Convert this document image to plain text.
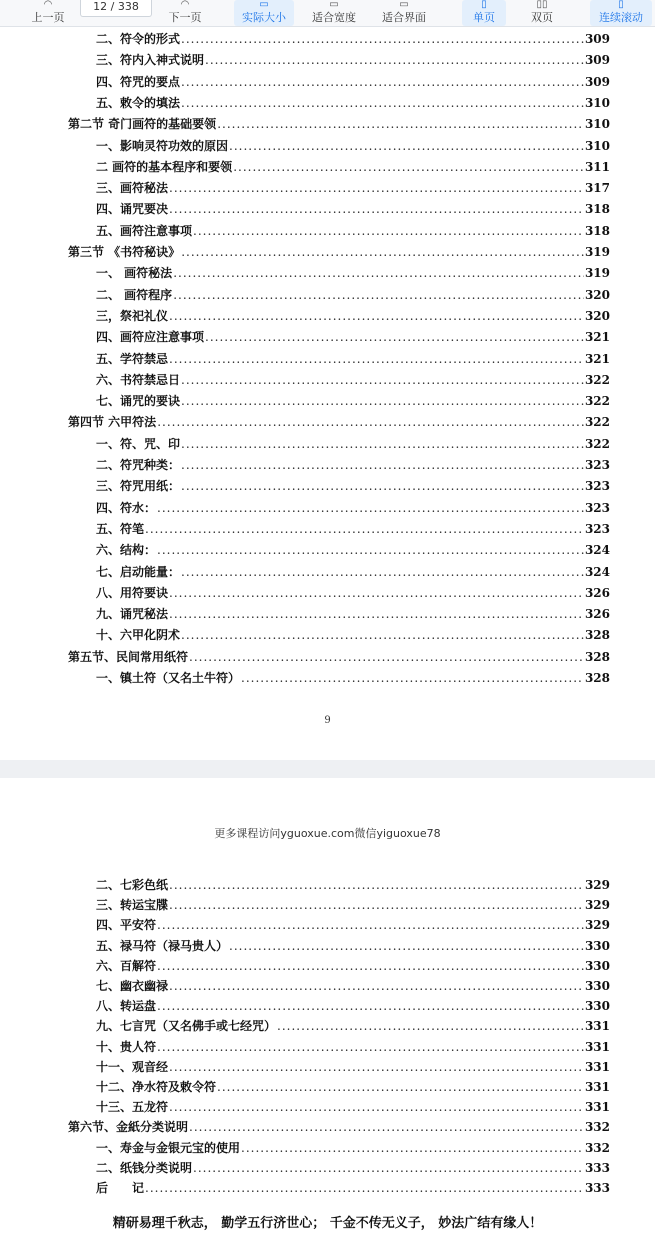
◠
上一页
12 / 338	◠
下一页
▭
实际大小
▭
适合宽度
▭
适合界面
▯
单页
▯▯
双页
▯
连续滚动
二、符令的形式 .....	309
三、符内入神式说明 .....	309
四、符咒的要点 .....	309
五、敕令的填法 .....	310
第二节 奇门画符的基础要领 .....	310
一、影响灵符功效的原因 .....	310
二 画符的基本程序和要领 .....	311
三、画符秘法 .....	317
四、诵咒要决 .....	318
五、画符注意事项 .....	318
第三节 《书符秘诀》 .....	319
一、 画符秘法 .....	319
二、 画符程序 .....	320
三，祭祀礼仪 .....	320
四、画符应注意事项 .....	321
五、学符禁忌 .....	321
六、书符禁忌日 .....	322
七、诵咒的要诀 .....	322
第四节 六甲符法 .....	322
一、符、咒、印 .....	322
二、符咒种类： .....	323
三、符咒用纸： .....	323
四、符水： .....	323
五、符笔 .....	323
六、结构： .....	324
七、启动能量： .....	324
八、用符要诀 .....	326
九、诵咒秘法 .....	326
十、六甲化阴术 .....	328
第五节、民间常用纸符 .....	328
一、镇土符（又名土牛符） .....	328
9
更多课程访问yguoxue.com微信yiguoxue78
二、七彩色纸 .....	329
三、转运宝牒 .....	329
四、平安符 .....	329
五、禄马符（禄马贵人） .....	330
六、百解符 .....	330
七、幽衣幽禄 .....	330
八、转运盘 .....	330
九、七言咒（又名佛手或七经咒） .....	331
十、贵人符 .....	331
十一、观音经 .....	331
十二、净水符及敕令符 .....	331
十三、五龙符 .....	331
第六节、金紙分类说明 .....	332
一、寿金与金银元宝的使用 .....	332
二、纸钱分类说明 .....	333
后　　记 .....	333
精研易理千秋志， 勤学五行济世心； 千金不传无义子， 妙法广结有缘人！
